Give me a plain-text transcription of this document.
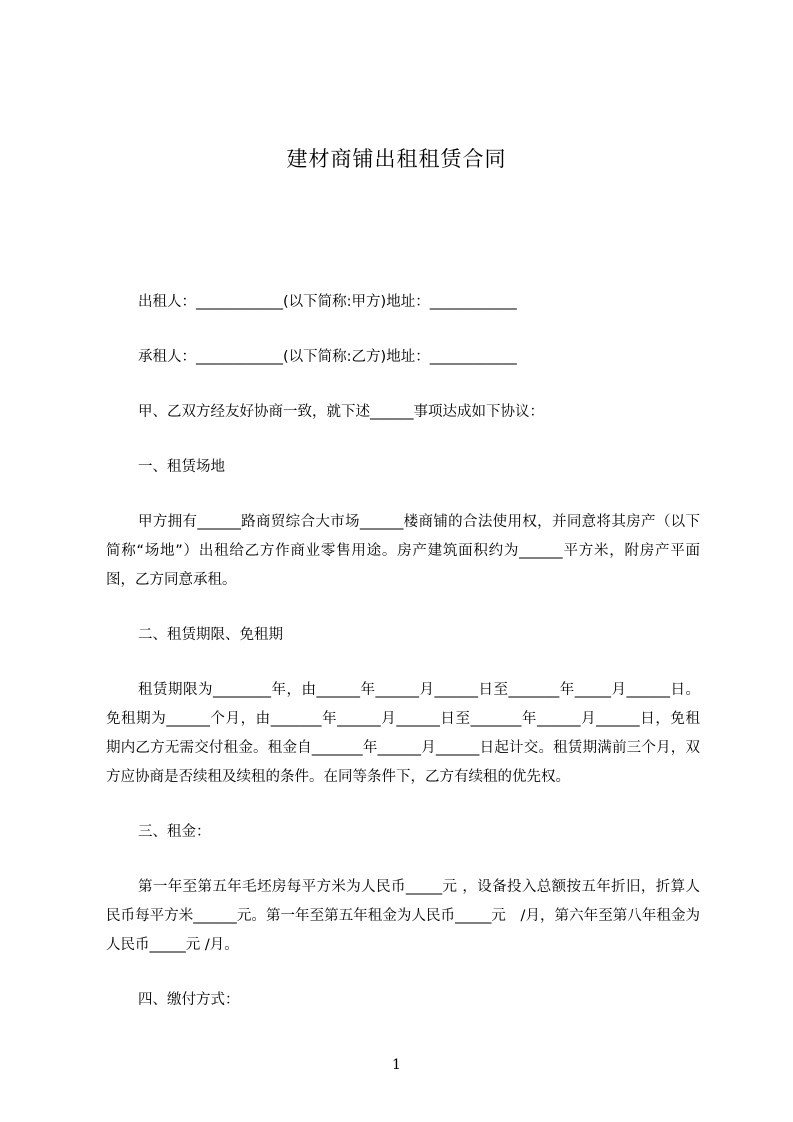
建材商铺出租租赁合同

出租人：____________(以下简称:甲方)地址：____________

承租人：____________(以下简称:乙方)地址：____________

甲、乙双方经友好协商一致，就下述______事项达成如下协议：

一、租赁场地

甲方拥有______路商贸综合大市场______楼商铺的合法使用权，并同意将其房产（以下简称“场地”）出租给乙方作商业零售用途。房产建筑面积约为______平方米，附房产平面图，乙方同意承租。

二、租赁期限、免租期

租赁期限为________年，由______年______月______日至_______年_____月______日。免租期为______个月，由_______年______月______日至_______年______月______日，免租期内乙方无需交付租金。租金自_______年______月______日起计交。租赁期满前三个月，双方应协商是否续租及续租的条件。在同等条件下，乙方有续租的优先权。

三、租金：

第一年至第五年毛坯房每平方米为人民币_____元 ，设备投入总额按五年折旧，折算人民币每平方米______元。第一年至第五年租金为人民币_____元　/月，第六年至第八年租金为人民币_____元 /月。

四、缴付方式：

1
